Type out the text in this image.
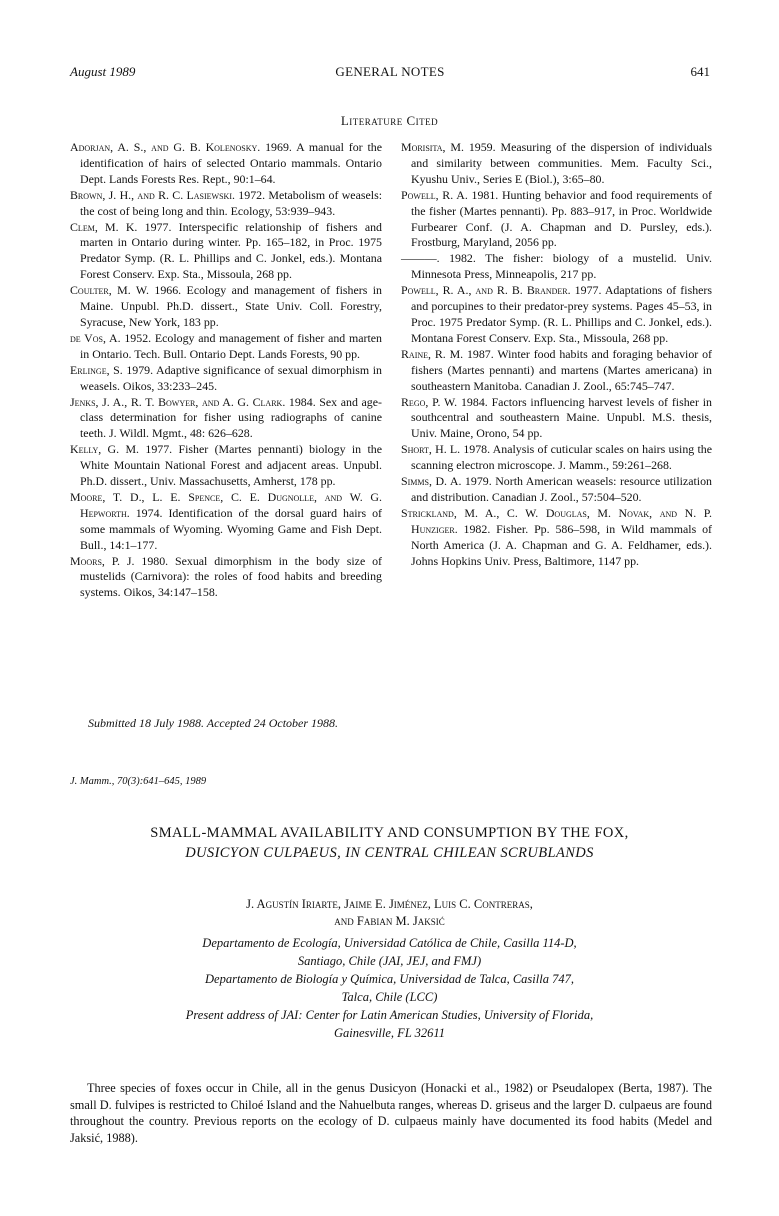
August 1989	GENERAL NOTES	641
Literature Cited

Adorjan, A. S., and G. B. Kolenosky. 1969. A manual for the identification of hairs of selected Ontario mammals. Ontario Dept. Lands Forests Res. Rept., 90:1–64.

Brown, J. H., and R. C. Lasiewski. 1972. Metabolism of weasels: the cost of being long and thin. Ecology, 53:939–943.

Clem, M. K. 1977. Interspecific relationship of fishers and marten in Ontario during winter. Pp. 165–182, in Proc. 1975 Predator Symp. (R. L. Phillips and C. Jonkel, eds.). Montana Forest Conserv. Exp. Sta., Missoula, 268 pp.

Coulter, M. W. 1966. Ecology and management of fishers in Maine. Unpubl. Ph.D. dissert., State Univ. Coll. Forestry, Syracuse, New York, 183 pp.

de Vos, A. 1952. Ecology and management of fisher and marten in Ontario. Tech. Bull. Ontario Dept. Lands Forests, 90 pp.

Erlinge, S. 1979. Adaptive significance of sexual dimorphism in weasels. Oikos, 33:233–245.

Jenks, J. A., R. T. Bowyer, and A. G. Clark. 1984. Sex and age-class determination for fisher using radiographs of canine teeth. J. Wildl. Mgmt., 48: 626–628.

Kelly, G. M. 1977. Fisher (Martes pennanti) biology in the White Mountain National Forest and adjacent areas. Unpubl. Ph.D. dissert., Univ. Massachusetts, Amherst, 178 pp.

Moore, T. D., L. E. Spence, C. E. Dugnolle, and W. G. Hepworth. 1974. Identification of the dorsal guard hairs of some mammals of Wyoming. Wyoming Game and Fish Dept. Bull., 14:1–177.

Moors, P. J. 1980. Sexual dimorphism in the body size of mustelids (Carnivora): the roles of food habits and breeding systems. Oikos, 34:147–158.

Morisita, M. 1959. Measuring of the dispersion of individuals and similarity between communities. Mem. Faculty Sci., Kyushu Univ., Series E (Biol.), 3:65–80.

Powell, R. A. 1981. Hunting behavior and food requirements of the fisher (Martes pennanti). Pp. 883–917, in Proc. Worldwide Furbearer Conf. (J. A. Chapman and D. Pursley, eds.). Frostburg, Maryland, 2056 pp.

———. 1982. The fisher: biology of a mustelid. Univ. Minnesota Press, Minneapolis, 217 pp.

Powell, R. A., and R. B. Brander. 1977. Adaptations of fishers and porcupines to their predator-prey systems. Pages 45–53, in Proc. 1975 Predator Symp. (R. L. Phillips and C. Jonkel, eds.). Montana Forest Conserv. Exp. Sta., Missoula, 268 pp.

Raine, R. M. 1987. Winter food habits and foraging behavior of fishers (Martes pennanti) and martens (Martes americana) in southeastern Manitoba. Canadian J. Zool., 65:745–747.

Rego, P. W. 1984. Factors influencing harvest levels of fisher in southcentral and southeastern Maine. Unpubl. M.S. thesis, Univ. Maine, Orono, 54 pp.

Short, H. L. 1978. Analysis of cuticular scales on hairs using the scanning electron microscope. J. Mamm., 59:261–268.

Simms, D. A. 1979. North American weasels: resource utilization and distribution. Canadian J. Zool., 57:504–520.

Strickland, M. A., C. W. Douglas, M. Novak, and N. P. Hunziger. 1982. Fisher. Pp. 586–598, in Wild mammals of North America (J. A. Chapman and G. A. Feldhamer, eds.). Johns Hopkins Univ. Press, Baltimore, 1147 pp.

Submitted 18 July 1988. Accepted 24 October 1988.
J. Mamm., 70(3):641–645, 1989
SMALL-MAMMAL AVAILABILITY AND CONSUMPTION BY THE FOX,
DUSICYON CULPAEUS, IN CENTRAL CHILEAN SCRUBLANDS
J. Agustín Iriarte, Jaime E. Jiménez, Luis C. Contreras,
and Fabian M. Jaksić
Departamento de Ecología, Universidad Católica de Chile, Casilla 114-D,
Santiago, Chile (JAI, JEJ, and FMJ)
Departamento de Biología y Química, Universidad de Talca, Casilla 747,
Talca, Chile (LCC)
Present address of JAI: Center for Latin American Studies, University of Florida,
Gainesville, FL 32611

Three species of foxes occur in Chile, all in the genus Dusicyon (Honacki et al., 1982) or Pseudalopex (Berta, 1987). The small D. fulvipes is restricted to Chiloé Island and the Nahuelbuta ranges, whereas D. griseus and the larger D. culpaeus are found throughout the country. Previous reports on the ecology of D. culpaeus mainly have documented its food habits (Medel and Jaksić, 1988).
